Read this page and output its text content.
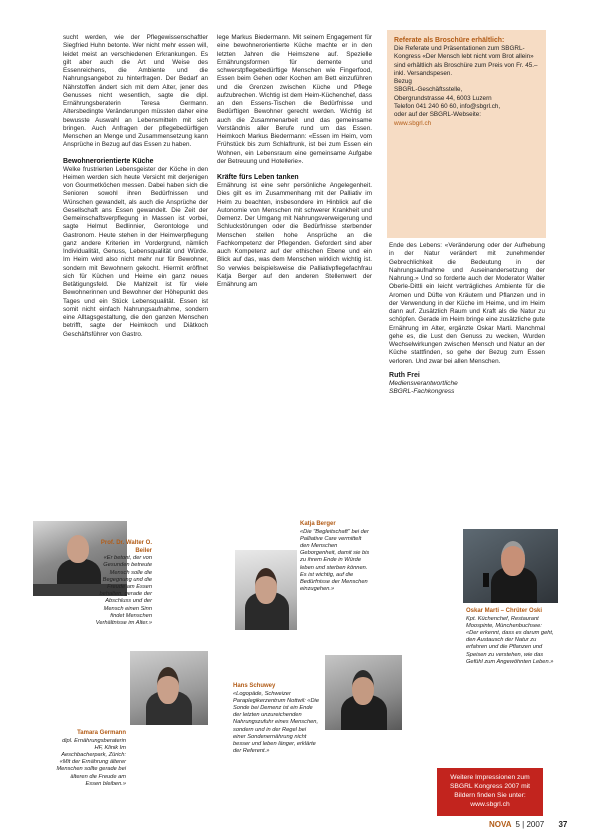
sucht werden, wie der Pflegewissenschaftler Siegfried Huhn betonte. Wer nicht mehr essen will, leidet meist an verschiedenen Erkrankungen. Es gilt aber auch die Art und Weise des Essenreichens, die Ambiente und die Nahrungsangebot zu hinterfragen. Der Bedarf an Nährstoffen ändert sich mit dem Alter, jener des Genusses nicht wesentlich, sagte die dipl. Ernährungsberaterin Teresa Germann. Altersbedingte Veränderungen müssten daher eine bewusste Auswahl an Lebensmitteln mit sich bringen. Auch Anfragen der pflegebedürftigen Menschen an Menge und Zusammensetzung kann Ansprüche in Bezug auf das Essen zu haben.

Bewohnerorientierte Küche

Welke frustrierten Lebensgeister der Köche in den Heimen werden sich heute Versicht mit derjenigen von Gourmetköchen messen. Dabei haben sich die Senioren sowohl ihren Bedürfnissen und Wünschen gewandelt, als auch die Ansprüche der Gesellschaft ans Essen gewandelt. Die Zeit der Gemeinschaftsverpflegung in Massen ist vorbei, sagte Helmut Bedlinnier, Gerontologe und Gastronom. Heute stehen in der Heimverpflegung ganz andere Kriterien im Vordergrund, nämlich Individualität, Genuss, Lebensqualität und Würde. Im Heim wird also nicht mehr nur für Bewohner, sondern mit Bewohnern gekocht. Hiermit eröffnet sich für Küchen und Heime ein ganz neues Betätigungsfeld. Die Mahlzeit ist für viele Bewohnerinnen und Bewohner der Höhepunkt des Tages und ein Stück Lebensqualität. Essen ist somit nicht einfach Nahrungsaufnahme, sondern eine Alltagsgestaltung, die den ganzen Menschen betrifft, sagte der Heimkoch und Diätkoch Geschäftsführer von Gastro.

lege Markus Biedermann. Mit seinem Engagement für eine bewohnerorientierte Küche machte er in den letzten Jahren die Heimszene auf. Spezielle Ernährungsformen für demente und schwerstpflegebedürftige Menschen wie Fingerfood, Essen beim Gehen oder Kochen am Bett einzuführen und die Grenzen zwischen Küche und Pflege aufzubrechen. Wichtig ist dem Heim-Küchenchef, dass an den Essens-Tischen die Bedürfnisse und Bedürftigen Bewohner gerecht werden. Wichtig ist auch die Zusammenarbeit und das gemeinsame Verständnis aller Berufe rund um das Essen. Heimkoch Markus Biedermann: «Essen im Heim, vom Frühstück bis zum Schlaftrunk, ist bei zum Essen ein Wohnen, ein Lebensraum eine gemeinsame Aufgabe der Betreuung und Hotellerie».

Kräfte fürs Leben tanken

Ernährung ist eine sehr persönliche Angelegenheit. Dies gilt es im Zusammenhang mit der Palliativ im Heim zu beachten, insbesondere im Hinblick auf die Autonomie von Menschen mit schwerer Krankheit und Demenz. Der Umgang mit Nahrungsverweigerung und Schluckstörungen oder die Bedürfnisse sterbender Menschen stellen hohe Ansprüche an die Fachkompetenz der Pflegenden. Gefordert sind aber auch Kompetenz auf der ethischen Ebene und ein Blick auf das, was dem Menschen wirklich wichtig ist. So verwies beispielsweise die Palliativpflegefachfrau Katja Berger auf den anderen Stellenwert der Ernährung am

Referate als Broschüre erhältlich:

Die Referate und Präsentationen zum SBGRL-Kongress «Der Mensch lebt nicht vom Brot allein» sind erhältlich als Broschüre zum Preis von Fr. 45.– inkl. Versandspesen.

Bezug

SBGRL-Geschäftsstelle,

Obergrundstrasse 44, 6003 Luzern

Telefon 041 240 60 60, info@sbgrl.ch,

oder auf der SBGRL-Webseite:

www.sbgrl.ch

Ende des Lebens: «Veränderung oder der Aufhebung in der Natur verändert mit zunehmender Gebrechlichkeit die Bedeutung in der Nahrungsaufnahme und Auseinandersetzung der Nahrung.» Und so forderte auch der Moderator Walter Oberle-Dittli ein leicht verträgliches Ambiente für die Aromen und Düfte von Kräutern und Pflanzen und in der Verwendung in der Küche im Heime, und im Heim dann auf. Zusätzlich Raum und Kraft als die Natur zu schöpfen. Gerade im Heim bringe eine zusätzliche gute Ernährung im Alter, ergänzte Oskar Marti. Manchmal gehe es, die Lust den Genuss zu wecken, Wurden Wechselwirkungen zwischen Mensch und Natur an der Küche stattfinden, so gehe der Bezug zum Essen verloren. Und zwar bei allen Menschen.

Ruth Frei
Mediensverantwortliche
SBGRL-Fachkongress
Prof. Dr. Walter O. Beiler
«Er betont, der von Gesunden betreute Mensch solle die Begegnung und die Freude am Essen behalten, gerade der Abschluss und der Mensch einen Sinn findet Menschen Verhältnisse im Alter.»
Katja Berger
«Die "Begleitschaft" bei der Palliative Care vermittelt den Menschen Geborgenheit, damit sie bis zu ihrem Ende in Würde leben und sterben können. Es ist wichtig, auf die Bedürfnisse der Menschen einzugehen.»
Oskar Marti – Chrüter Oski
Kpt. Küchenchef, Restaurant Moospinte, Münchenbuchsee: «Der erkennt, dass es darum geht, den Austausch der Natur zu erfahren und die Pflanzen und Speisen zu verstehen, wie das Gefühl zum Angewöhnten Leben.»
Tamara Germann
dipl. Ernährungsberaterin HF, Klinik Im Aeschbacherpark, Zürich: «Mit der Ernährung älterer Menschen sollte gerade bei älteren die Freude am Essen bleiben.»
Hans Schuwey
«Logopäde, Schweizer Paraplegikerzentrum Nottwil: «Die Sonde bei Demenz ist ein Ende der letzten unzureichenden Nahrungszufuhr eines Menschen, sondern und in der Regel bei einer Sondenernährung nicht besser und leben länger, erklärte der Referent.»
Weitere Impressionen zum
SBGRL Kongress 2007 mit
Bildern finden Sie unter:
www.sbgrl.ch
NOVA 5 | 2007 37
